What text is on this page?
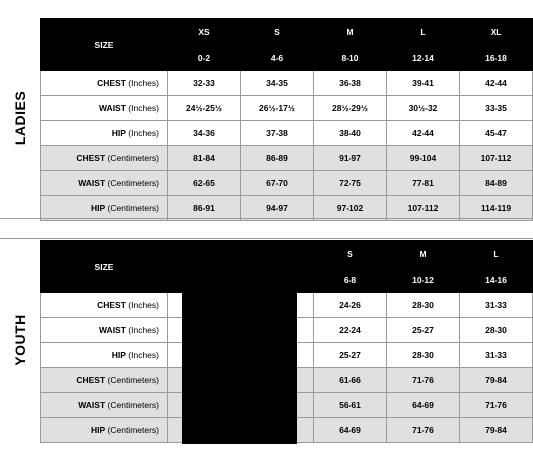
LADIES
SIZE	XS	S	M	L	XL
	0-2	4-6	8-10	12-14	16-18
CHEST (Inches)	32-33	34-35	36-38	39-41	42-44
WAIST (Inches)	24½-25½	26½-17½	28½-29½	30½-32	33-35
HIP (Inches)	34-36	37-38	38-40	42-44	45-47
CHEST (Centimeters)	81-84	86-89	91-97	99-104	107-112
WAIST (Centimeters)	62-65	67-70	72-75	77-81	84-89
HIP (Centimeters)	86-91	94-97	97-102	107-112	114-119
YOUTH
SIZE			S	M	L
			6-8	10-12	14-16
CHEST (Inches)			24-26	28-30	31-33
WAIST (Inches)			22-24	25-27	28-30
HIP (Inches)			25-27	28-30	31-33
CHEST (Centimeters)			61-66	71-76	79-84
WAIST (Centimeters)			56-61	64-69	71-76
HIP (Centimeters)			64-69	71-76	79-84
